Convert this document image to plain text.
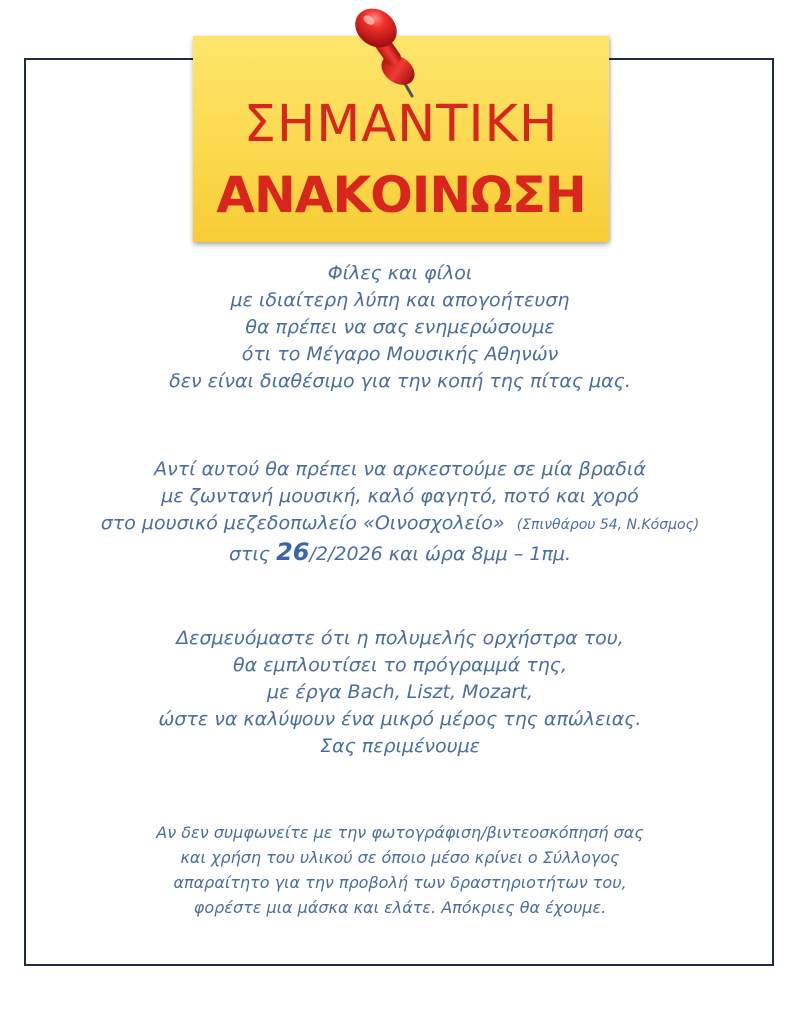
ΣΗΜΑΝΤΙΚΗ
ΑΝΑΚΟΙΝΩΣΗ
Φίλες και φίλοι
με ιδιαίτερη λύπη και απογοήτευση
θα πρέπει να σας ενημερώσουμε
ότι το Μέγαρο Μουσικής Αθηνών
δεν είναι διαθέσιμο για την κοπή της πίτας μας.
Αντί αυτού θα πρέπει να αρκεστούμε σε μία βραδιά
με ζωντανή μουσική, καλό φαγητό, ποτό και χορό
στο μουσικό μεζεδοπωλείο «Οινοσχολείο» (Σπινθάρου 54, Ν.Κόσμος)
στις 26/2/2026 και ώρα 8μμ – 1πμ.
Δεσμευόμαστε ότι η πολυμελής ορχήστρα του,
θα εμπλουτίσει το πρόγραμμά της,
με έργα Bach, Liszt, Mozart,
ώστε να καλύψουν ένα μικρό μέρος της απώλειας.
Σας περιμένουμε
Αν δεν συμφωνείτε με την φωτογράφιση/βιντεοσκόπησή σας
και χρήση του υλικού σε όποιο μέσο κρίνει ο Σύλλογος
απαραίτητο για την προβολή των δραστηριοτήτων του,
φορέστε μια μάσκα και ελάτε. Απόκριες θα έχουμε.
